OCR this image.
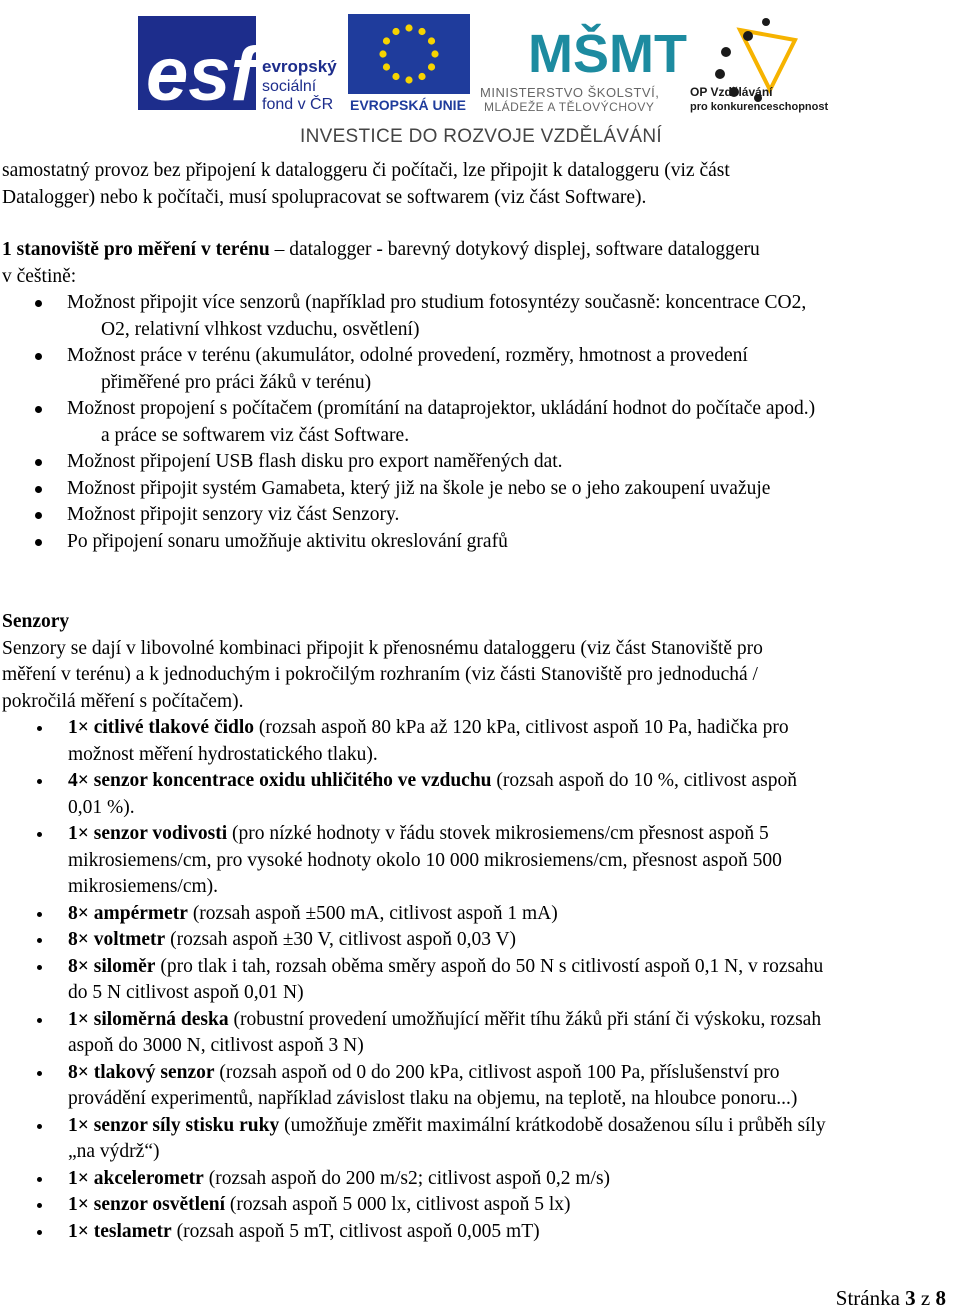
esf evropský
sociální
fond v ČR EVROPSKÁ UNIE
MŠMT
MINISTERSTVO ŠKOLSTVÍ,
MLÁDEŽE A TĚLOVÝCHOVY
OP Vzdělávání
pro konkurenceschopnost
INVESTICE DO ROZVOJE VZDĚLÁVÁNÍ

samostatný provoz bez připojení k dataloggeru či počítači, lze připojit k dataloggeru (viz část

Datalogger) nebo k počítači, musí spolupracovat se softwarem (viz část Software).

1 stanoviště pro měření v terénu – datalogger - barevný dotykový displej, software dataloggeru

v češtině:

Možnost připojit více senzorů (například pro studium fotosyntézy současně: koncentrace CO2,
O2, relativní vlhkost vzduchu, osvětlení)
Možnost práce v terénu (akumulátor, odolné provedení, rozměry, hmotnost a provedení
přiměřené pro práci žáků v terénu)
Možnost propojení s počítačem (promítání na dataprojektor, ukládání hodnot do počítače apod.)
a práce se softwarem viz část Software.
Možnost připojení USB flash disku pro export naměřených dat.
Možnost připojit systém Gamabeta, který již na škole je nebo se o jeho zakoupení uvažuje
Možnost připojit senzory viz část Senzory.
Po připojení sonaru umožňuje aktivitu okreslování grafů

Senzory

Senzory se dají v libovolné kombinaci připojit k přenosnému dataloggeru (viz část Stanoviště pro

měření v terénu) a k jednoduchým i pokročilým rozhraním (viz části Stanoviště pro jednoduchá /

pokročilá měření s počítačem).

1× citlivé tlakové čidlo (rozsah aspoň 80 kPa až 120 kPa, citlivost aspoň 10 Pa, hadička pro
možnost měření hydrostatického tlaku).
4× senzor koncentrace oxidu uhličitého ve vzduchu (rozsah aspoň do 10 %, citlivost aspoň
0,01 %).
1× senzor vodivosti (pro nízké hodnoty v řádu stovek mikrosiemens/cm přesnost aspoň 5
mikrosiemens/cm, pro vysoké hodnoty okolo 10 000 mikrosiemens/cm, přesnost aspoň 500
mikrosiemens/cm).
8× ampérmetr (rozsah aspoň ±500 mA, citlivost aspoň 1 mA)
8× voltmetr (rozsah aspoň ±30 V, citlivost aspoň 0,03 V)
8× siloměr (pro tlak i tah, rozsah oběma směry aspoň do 50 N s citlivostí aspoň 0,1 N, v rozsahu
do 5 N citlivost aspoň 0,01 N)
1× siloměrná deska (robustní provedení umožňující měřit tíhu žáků při stání či výskoku, rozsah
aspoň do 3000 N, citlivost aspoň 3 N)
8× tlakový senzor (rozsah aspoň od 0 do 200 kPa, citlivost aspoň 100 Pa, příslušenství pro
provádění experimentů, například závislost tlaku na objemu, na teplotě, na hloubce ponoru...)
1× senzor síly stisku ruky (umožňuje změřit maximální krátkodobě dosaženou sílu i průběh síly
„na výdrž“)
1× akcelerometr (rozsah aspoň do 200 m/s2; citlivost aspoň 0,2 m/s)
1× senzor osvětlení (rozsah aspoň 5 000 lx, citlivost aspoň 5 lx)
1× teslametr (rozsah aspoň 5 mT, citlivost aspoň 0,005 mT)
Stránka 3 z 8
